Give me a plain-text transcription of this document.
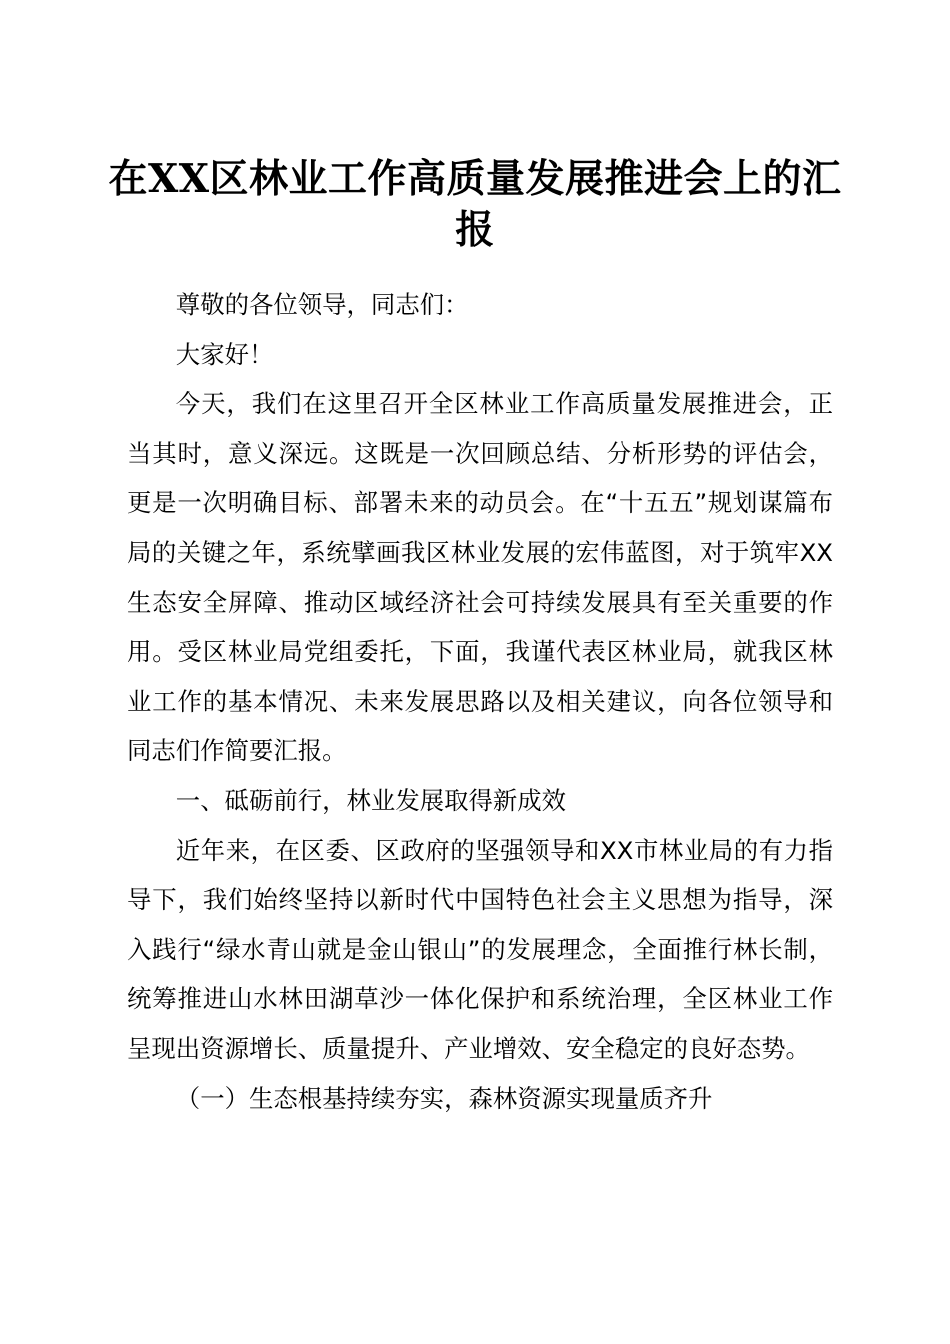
在XX区林业工作高质量发展推进会上的汇报

尊敬的各位领导，同志们：

大家好！

今天，我们在这里召开全区林业工作高质量发展推进会，正当其时，意义深远。这既是一次回顾总结、分析形势的评估会，更是一次明确目标、部署未来的动员会。在“十五五”规划谋篇布局的关键之年，系统擘画我区林业发展的宏伟蓝图，对于筑牢XX生态安全屏障、推动区域经济社会可持续发展具有至关重要的作用。受区林业局党组委托，下面，我谨代表区林业局，就我区林业工作的基本情况、未来发展思路以及相关建议，向各位领导和同志们作简要汇报。

一、砥砺前行，林业发展取得新成效

近年来，在区委、区政府的坚强领导和XX市林业局的有力指导下，我们始终坚持以新时代中国特色社会主义思想为指导，深入践行“绿水青山就是金山银山”的发展理念，全面推行林长制，统筹推进山水林田湖草沙一体化保护和系统治理，全区林业工作呈现出资源增长、质量提升、产业增效、安全稳定的良好态势。

（一）生态根基持续夯实，森林资源实现量质齐升
